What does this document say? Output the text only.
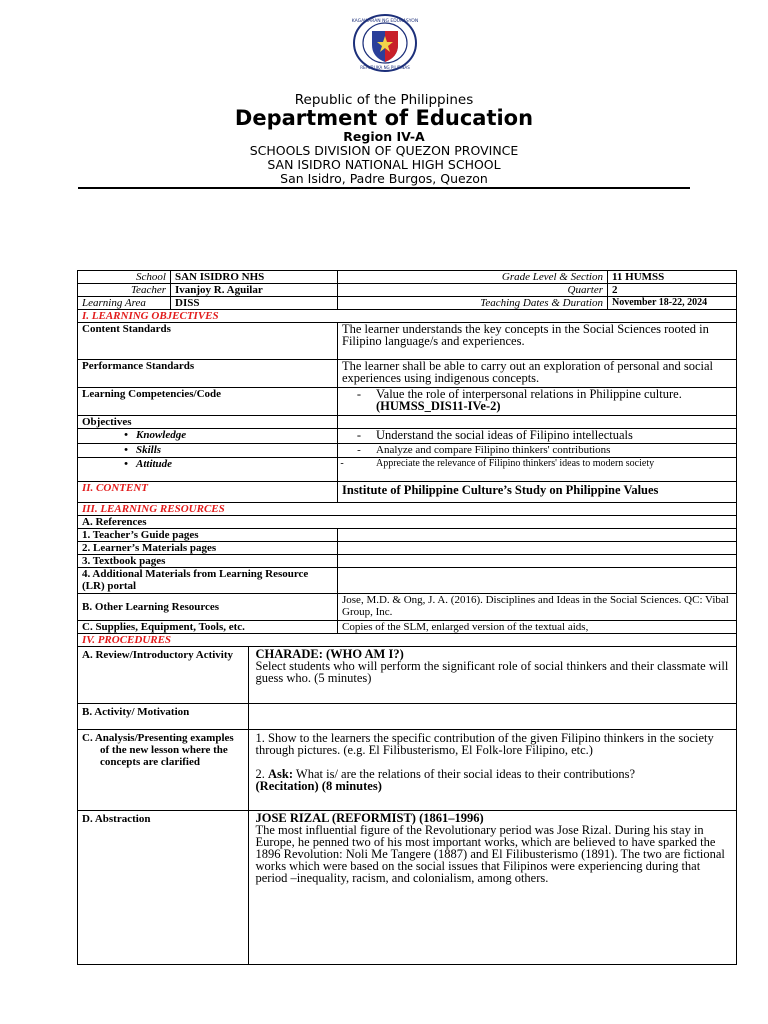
KAGAWARAN NG EDUKASYON
REPUBLIKA NG PILIPINAS
Republic of the Philippines
Department of Education
Region IV-A
SCHOOLS DIVISION OF QUEZON PROVINCE
SAN ISIDRO NATIONAL HIGH SCHOOL
San Isidro, Padre Burgos, Quezon
School	SAN ISIDRO NHS	Grade Level & Section	11 HUMSS
Teacher	Ivanjoy R. Aguilar	Quarter	2
Learning Area	DISS	Teaching Dates & Duration	November 18-22, 2024
I. LEARNING OBJECTIVES
Content Standards	The learner understands the key concepts in the Social Sciences rooted in Filipino language/s and experiences.
Performance Standards	The learner shall be able to carry out an exploration of personal and social experiences using indigenous concepts.
Learning Competencies/Code	- Value the role of interpersonal relations in Philippine culture.
(HUMSS_DIS11-IVe-2)
Objectives	
• Knowledge	- Understand the social ideas of Filipino intellectuals
• Skills	- Analyze and compare Filipino thinkers' contributions
• Attitude	-	Appreciate the relevance of Filipino thinkers' ideas to modern society
II. CONTENT	Institute of Philippine Culture’s Study on Philippine Values
III. LEARNING RESOURCES
A. References
1. Teacher’s Guide pages	
2. Learner’s Materials pages	
3. Textbook pages	
4. Additional Materials from Learning Resource (LR) portal	
B. Other Learning Resources	Jose, M.D. & Ong, J. A. (2016). Disciplines and Ideas in the Social Sciences. QC: Vibal Group, Inc.
C. Supplies, Equipment, Tools, etc.	Copies of the SLM, enlarged version of the textual aids,
IV. PROCEDURES

A. Review/Introductory Activity	CHARADE: (WHO AM I?)
Select students who will perform the significant role of social thinkers and their classmate will guess who. (5 minutes)

B. Activity/ Motivation	

C. Analysis/Presenting examples of the new lesson where the concepts are clarified	1. Show to the learners the specific contribution of the given Filipino thinkers in the society through pictures. (e.g. El Filibusterismo, El Folk-lore Filipino, etc.)

2. Ask: What is/ are the relations of their social ideas to their contributions?
(Recitation) (8 minutes)

D. Abstraction	JOSE RIZAL (REFORMIST) (1861–1996)
The most influential figure of the Revolutionary period was Jose Rizal. During his stay in Europe, he penned two of his most important works, which are believed to have sparked the 1896 Revolution: Noli Me Tangere (1887) and El Filibusterismo (1891). The two are fictional works which were based on the social issues that Filipinos were experiencing during that period –inequality, racism, and colonialism, among others.
